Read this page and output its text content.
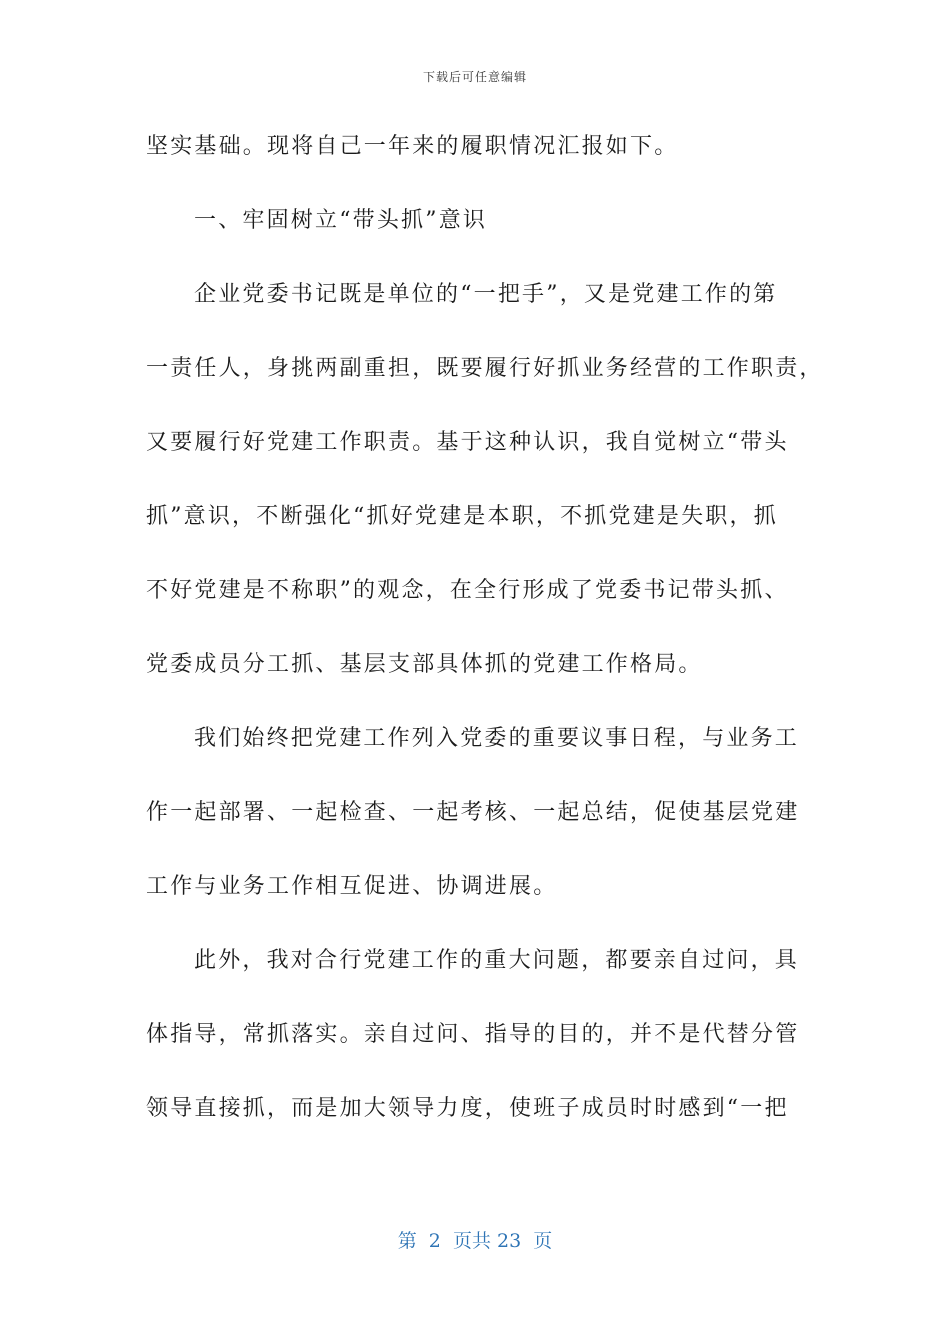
下载后可任意编辑
坚实基础。现将自己一年来的履职情况汇报如下。
一、牢固树立“带头抓”意识
企业党委书记既是单位的“一把手”，又是党建工作的第
一责任人，身挑两副重担，既要履行好抓业务经营的工作职责，
又要履行好党建工作职责。基于这种认识，我自觉树立“带头
抓”意识，不断强化“抓好党建是本职，不抓党建是失职，抓
不好党建是不称职”的观念，在全行形成了党委书记带头抓、
党委成员分工抓、基层支部具体抓的党建工作格局。
我们始终把党建工作列入党委的重要议事日程，与业务工
作一起部署、一起检查、一起考核、一起总结，促使基层党建
工作与业务工作相互促进、协调进展。
此外，我对合行党建工作的重大问题，都要亲自过问，具
体指导，常抓落实。亲自过问、指导的目的，并不是代替分管
领导直接抓，而是加大领导力度，使班子成员时时感到“一把
第  2  页共 23  页
